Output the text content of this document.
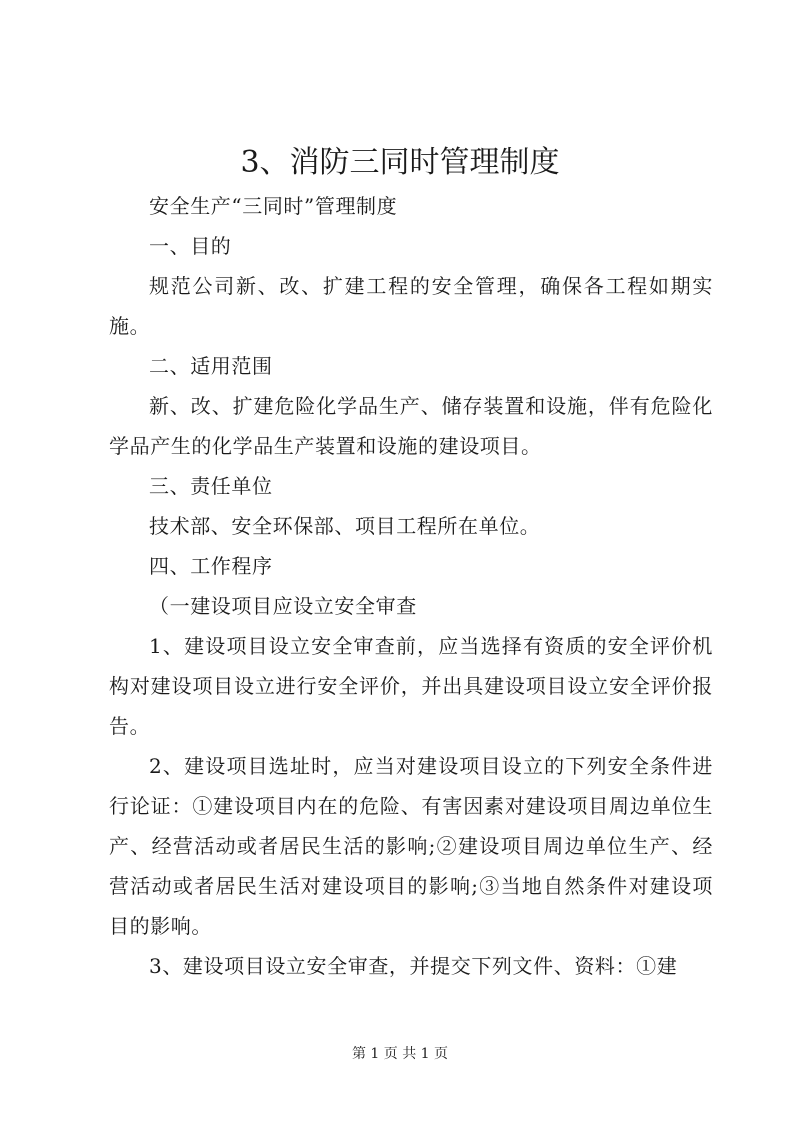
3、消防三同时管理制度

安全生产“三同时”管理制度

一、目的

规范公司新、改、扩建工程的安全管理，确保各工程如期实施。

二、适用范围

新、改、扩建危险化学品生产、储存装置和设施，伴有危险化学品产生的化学品生产装置和设施的建设项目。

三、责任单位

技术部、安全环保部、项目工程所在单位。

四、工作程序

（一建设项目应设立安全审查

1、建设项目设立安全审查前，应当选择有资质的安全评价机构对建设项目设立进行安全评价，并出具建设项目设立安全评价报告。

2、建设项目选址时，应当对建设项目设立的下列安全条件进行论证：①建设项目内在的危险、有害因素对建设项目周边单位生产、经营活动或者居民生活的影响;②建设项目周边单位生产、经营活动或者居民生活对建设项目的影响;③当地自然条件对建设项目的影响。

3、建设项目设立安全审查，并提交下列文件、资料：①建

第 1 页 共 1 页
